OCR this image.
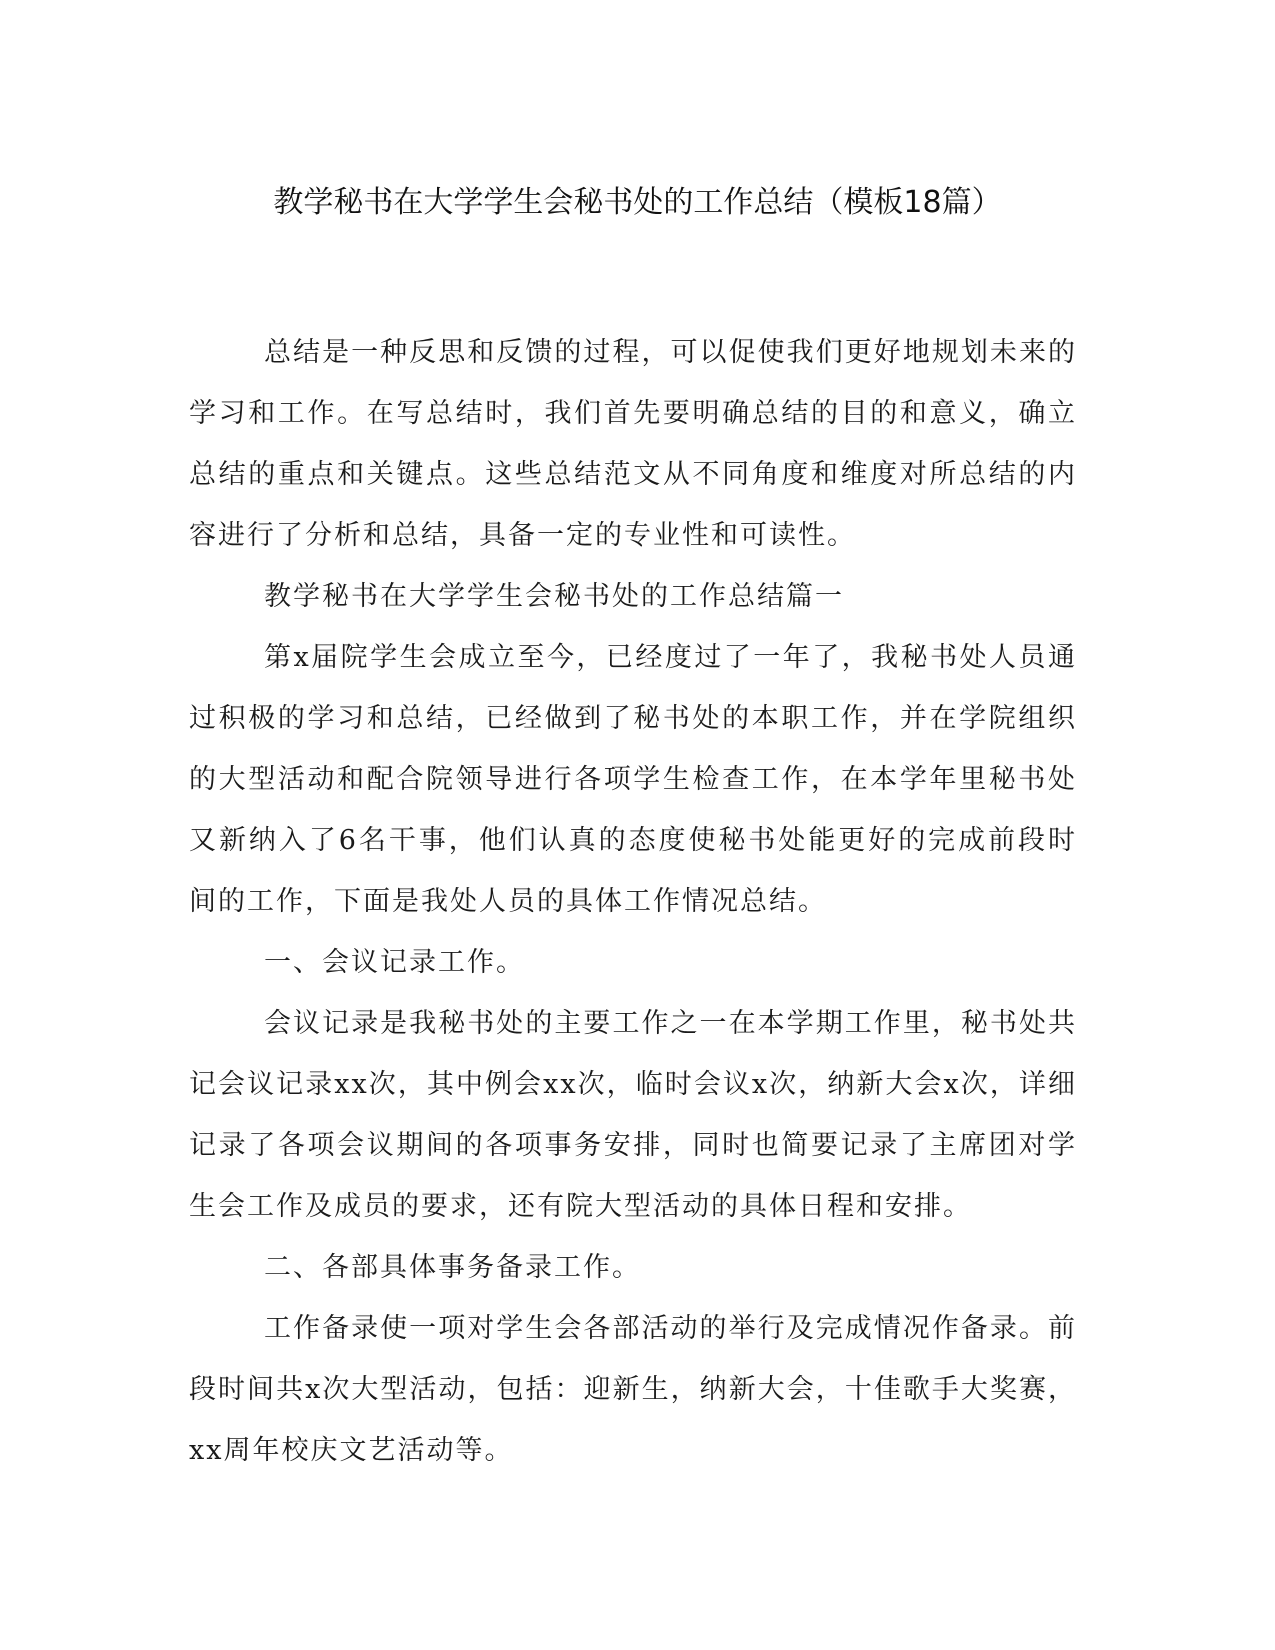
教学秘书在大学学生会秘书处的工作总结（模板18篇）

总结是一种反思和反馈的过程，可以促使我们更好地规划未来的学习和工作。在写总结时，我们首先要明确总结的目的和意义，确立总结的重点和关键点。这些总结范文从不同角度和维度对所总结的内容进行了分析和总结，具备一定的专业性和可读性。

教学秘书在大学学生会秘书处的工作总结篇一

第x届院学生会成立至今，已经度过了一年了，我秘书处人员通过积极的学习和总结，已经做到了秘书处的本职工作，并在学院组织的大型活动和配合院领导进行各项学生检查工作，在本学年里秘书处又新纳入了6名干事，他们认真的态度使秘书处能更好的完成前段时间的工作，下面是我处人员的具体工作情况总结。

一、会议记录工作。

会议记录是我秘书处的主要工作之一在本学期工作里，秘书处共记会议记录xx次，其中例会xx次，临时会议x次，纳新大会x次，详细记录了各项会议期间的各项事务安排，同时也简要记录了主席团对学生会工作及成员的要求，还有院大型活动的具体日程和安排。

二、各部具体事务备录工作。

工作备录使一项对学生会各部活动的举行及完成情况作备录。前段时间共x次大型活动，包括：迎新生，纳新大会，十佳歌手大奖赛，xx周年校庆文艺活动等。
